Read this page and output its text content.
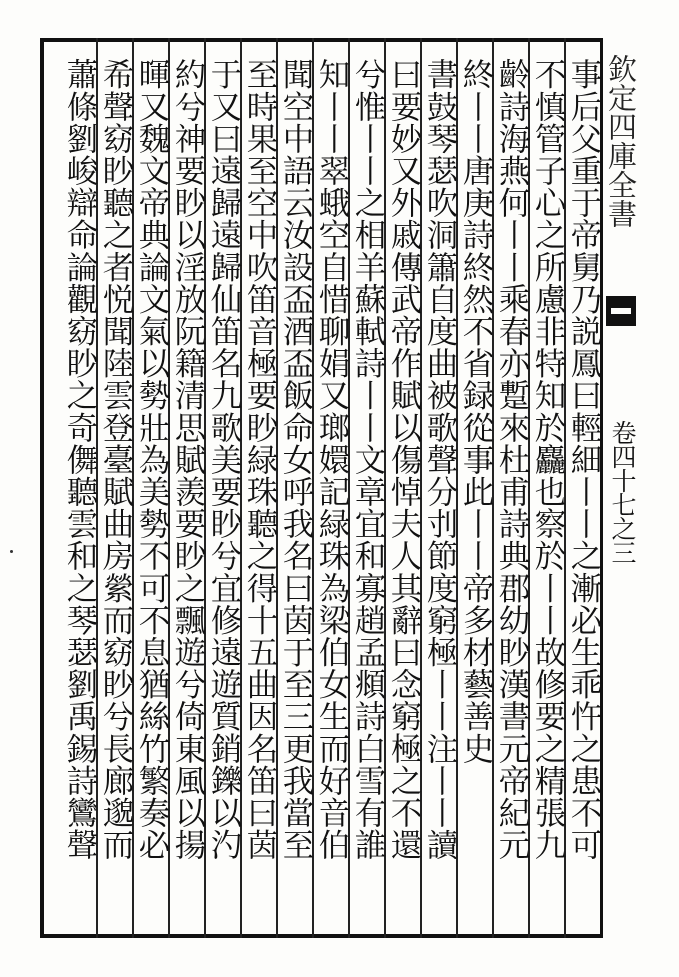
欽定四庫全書
卷四十七之三
事后父重于帝舅乃説鳳曰輕細丨丨之漸必生乖忤之患不可
不慎管子心之所慮非特知於麤也察於丨丨故修要之精張九
齡詩海燕何丨丨乘春亦蹔來杜甫詩典郡幼眇漢書元帝紀元
終丨丨唐庚詩終然不省録從事此丨丨帝多材藝善史
書鼓琴瑟吹洞簫自度曲被歌聲分刌節度窮極丨丨注丨丨讀
曰要妙又外戚傳武帝作賦以傷悼夫人其辭曰念窮極之不還
兮惟丨丨之相羊蘇軾詩丨丨文章宜和寡趙孟頫詩白雪有誰
知丨丨翠蛾空自惜聊娟又瑯嬛記緑珠為梁伯女生而好音伯
聞空中語云汝設盃酒盃飯命女呼我名曰茵于至三更我當至
至時果至空中吹笛音極要眇緑珠聽之得十五曲因名笛曰茵
于又曰遠歸遠歸仙笛名九歌美要眇兮宜修遠遊質銷鑠以汋
約兮神要眇以淫放阮籍清思賦羨要眇之飄遊兮倚東風以揚
暉又魏文帝典論文氣以勢壯為美勢不可不息猶絲竹繁奏必
希聲窈眇聽之者悦聞陸雲登臺賦曲房縈而窈眇兮長廊邈而
蕭條劉峻辯命論觀窈眇之奇儛聽雲和之琴瑟劉禹錫詩鸞聲
